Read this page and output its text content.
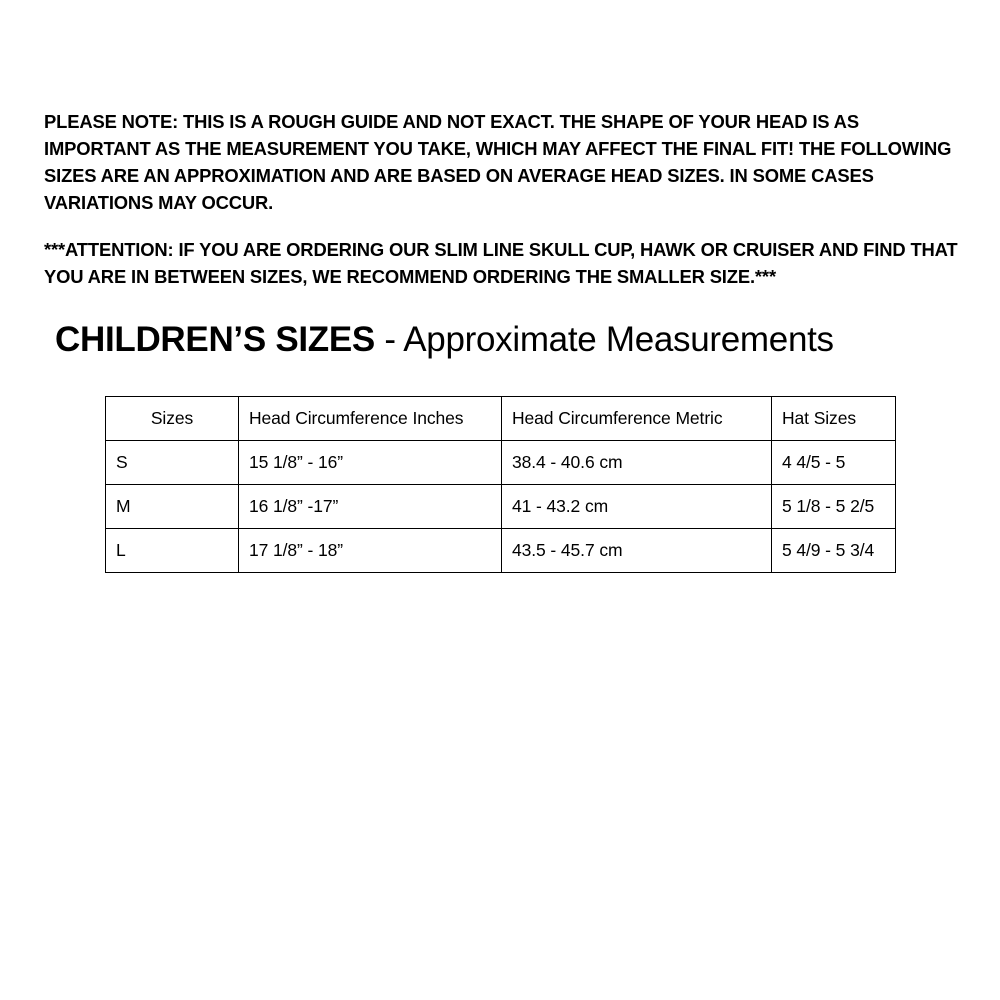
PLEASE NOTE: THIS IS A ROUGH GUIDE AND NOT EXACT. THE SHAPE OF YOUR HEAD IS AS IMPORTANT AS THE MEASUREMENT YOU TAKE, WHICH MAY AFFECT THE FINAL FIT! THE FOLLOWING SIZES ARE AN APPROXIMATION AND ARE BASED ON AVERAGE HEAD SIZES. IN SOME CASES VARIATIONS MAY OCCUR.

***ATTENTION: IF YOU ARE ORDERING OUR SLIM LINE SKULL CUP, HAWK OR CRUISER AND FIND THAT YOU ARE IN BETWEEN SIZES, WE RECOMMEND ORDERING THE SMALLER SIZE.***

CHILDREN’S SIZES - Approximate Measurements
Sizes	Head Circumference Inches	Head Circumference Metric	Hat Sizes
S	15 1/8” - 16”	38.4 - 40.6 cm	4 4/5 - 5
M	16 1/8” -17”	41 - 43.2 cm	5 1/8 - 5 2/5
L	17 1/8” - 18”	43.5 - 45.7 cm	5 4/9 - 5 3/4
